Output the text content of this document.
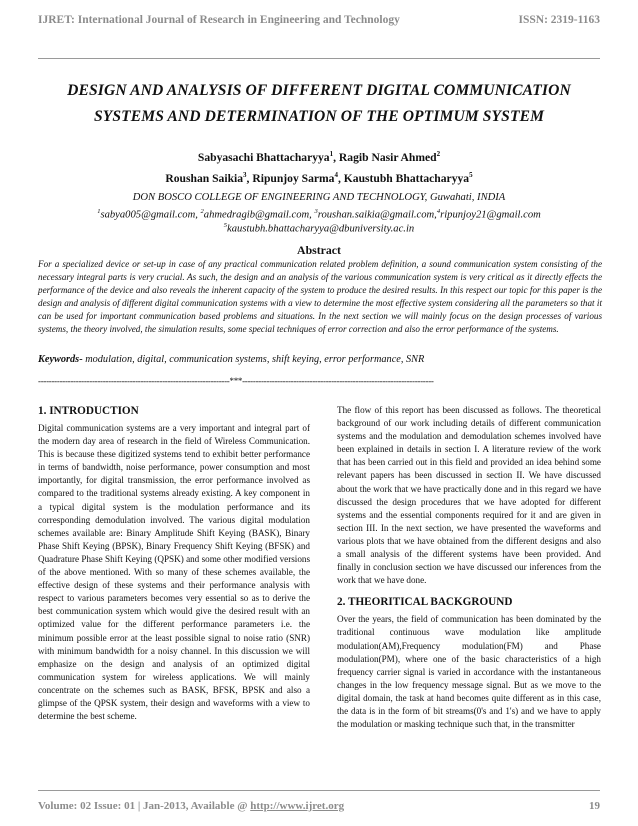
IJRET: International Journal of Research in Engineering and Technology	ISSN: 2319-1163
DESIGN AND ANALYSIS OF DIFFERENT DIGITAL COMMUNICATION
SYSTEMS AND DETERMINATION OF THE OPTIMUM SYSTEM
Sabyasachi Bhattacharyya$^1$, Ragib Nasir Ahmed$^2$
Roushan Saikia$^3$, Ripunjoy Sarma$^4$, Kaustubh Bhattacharyya$^5$
DON BOSCO COLLEGE OF ENGINEERING AND TECHNOLOGY, Guwahati, INDIA
$^1$sabya005@gmail.com, $^2$ahmedragib@gmail.com, $^3$roushan.saikia@gmail.com,$^4$ripunjoy21@gmail.com
$^5$kaustubh.bhattacharyya@dbuniversity.ac.in
Abstract
For a specialized device or set-up in case of any practical communication related problem definition, a sound communication system consisting of the necessary integral parts is very crucial. As such, the design and an analysis of the various communication system is very critical as it directly effects the performance of the device and also reveals the inherent capacity of the system to produce the desired results. In this respect our topic for this paper is the design and analysis of different digital communication systems with a view to determine the most effective system considering all the parameters so that it can be used for important communication based problems and situations. In the next section we will mainly focus on the design processes of various systems, the theory involved, the simulation results, some special techniques of error correction and also the error performance of the systems.
Keywords- modulation, digital, communication systems, shift keying, error performance, SNR
-----------------------------------------------------------------------***-----------------------------------------------------------------------
1. INTRODUCTION

Digital communication systems are a very important and integral part of the modern day area of research in the field of Wireless Communication. This is because these digitized systems tend to exhibit better performance in terms of bandwidth, noise performance, power consumption and most importantly, for digital transmission, the error performance involved as compared to the traditional systems already existing. A key component in a typical digital system is the modulation performance and its corresponding demodulation involved. The various digital modulation schemes available are: Binary Amplitude Shift Keying (BASK), Binary Phase Shift Keying (BPSK), Binary Frequency Shift Keying (BFSK) and Quadrature Phase Shift Keying (QPSK) and some other modified versions of the above mentioned. With so many of these schemes available, the effective design of these systems and their performance analysis with respect to various parameters becomes very essential so as to derive the best communication system which would give the desired result with an optimized value for the different performance parameters i.e. the minimum possible error at the least possible signal to noise ratio (SNR) with minimum bandwidth for a noisy channel. In this discussion we will emphasize on the design and analysis of an optimized digital communication system for wireless applications. We will mainly concentrate on the schemes such as BASK, BFSK, BPSK and also a glimpse of the QPSK system, their design and waveforms with a view to determine the best scheme.

The flow of this report has been discussed as follows. The theoretical background of our work including details of different communication systems and the modulation and demodulation schemes involved have been explained in details in section I. A literature review of the work that has been carried out in this field and provided an idea behind some relevant papers has been discussed in section II. We have discussed about the work that we have practically done and in this regard we have discussed the design procedures that we have adopted for different systems and the essential components required for it and are given in section III. In the next section, we have presented the waveforms and various plots that we have obtained from the different designs and also a small analysis of the different systems have been provided. And finally in conclusion section we have discussed our inferences from the work that we have done.

2. THEORITICAL BACKGROUND

Over the years, the field of communication has been dominated by the traditional continuous wave modulation like amplitude modulation(AM),Frequency modulation(FM) and Phase modulation(PM), where one of the basic characteristics of a high frequency carrier signal is varied in accordance with the instantaneous changes in the low frequency message signal. But as we move to the digital domain, the task at hand becomes quite different as in this case, the data is in the form of bit streams(0's and 1's) and we have to apply the modulation or masking technique such that, in the transmitter

Volume: 02 Issue: 01 | Jan-2013, Available @ http://www.ijret.org	19
